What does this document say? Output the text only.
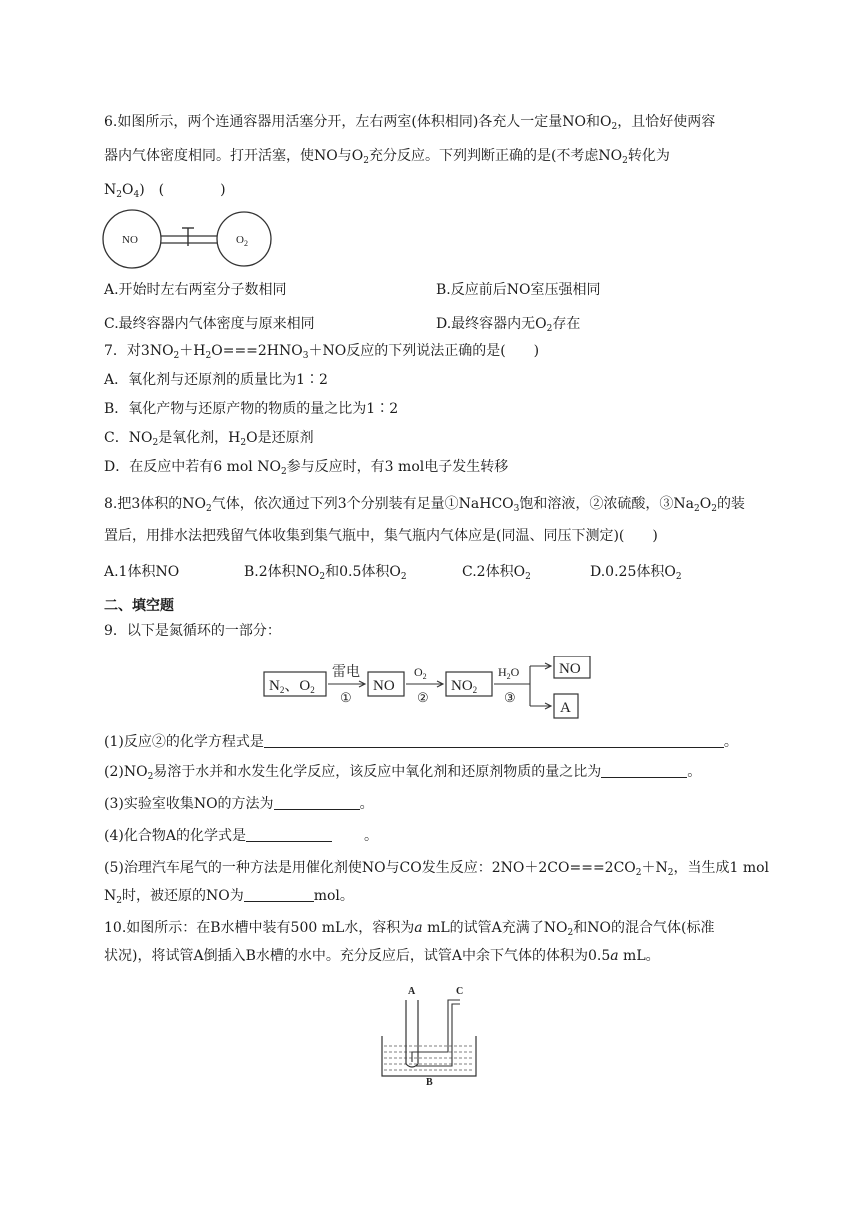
6.如图所示，两个连通容器用活塞分开，左右两室(体积相同)各充人一定量NO和$O_2$，且恰好使两容
器内气体密度相同。打开活塞，使NO与$O_2$充分反应。下列判断正确的是(不考虑$NO_2$转化为
$N_2O_4$)　(　　　　)
NO	$O_2$
A.开始时左右两室分子数相同	B.反应前后NO室压强相同
C.最终容器内气体密度与原来相同	D.最终容器内无$O_2$存在
7．对$3NO_2+H_2O===2HNO_3+NO$反应的下列说法正确的是(　　)
A．氧化剂与还原剂的质量比为1∶2
B．氧化产物与还原产物的物质的量之比为1∶2
C．$NO_2$是氧化剂，$H_2O$是还原剂
D．在反应中若有6 mol $NO_2$参与反应时，有3 mol电子发生转移
8.把3体积的$NO_2$气体，依次通过下列3个分别装有足量①NaHCO$_3$饱和溶液，②浓硫酸，$③Na_2O_2$的装
置后，用排水法把残留气体收集到集气瓶中，集气瓶内气体应是(同温、同压下测定)(　　)
A.1体积NO	B.2体积$NO_2$和0.5体积$O_2$	C.2体积$O_2$	D.0.25体积$O_2$
二、填空题
9．以下是氮循环的一部分：
$N_2$、$O_2$
雷电
①
NO
$O_2$
②
$NO_2$
$H_2O$
③
NO
A
(1)反应②的化学方程式是	。
$(2)NO_2$易溶于水并和水发生化学反应，该反应中氧化剂和还原剂物质的量之比为	。
(3)实验室收集NO的方法为	。
(4)化合物A的化学式是	。
(5)治理汽车尾气的一种方法是用催化剂使NO与CO发生反应：$2NO+2CO===2CO_2+N_2$，当生成1 mol
$N_2$时，被还原的NO为	mol。
10.如图所示：在B水槽中装有500 mL水，容积为a mL的试管A充满了$NO_2$和NO的混合气体(标准
状况)，将试管A倒插入B水槽的水中。充分反应后，试管A中余下气体的体积为0.5a mL。
A	C
B
